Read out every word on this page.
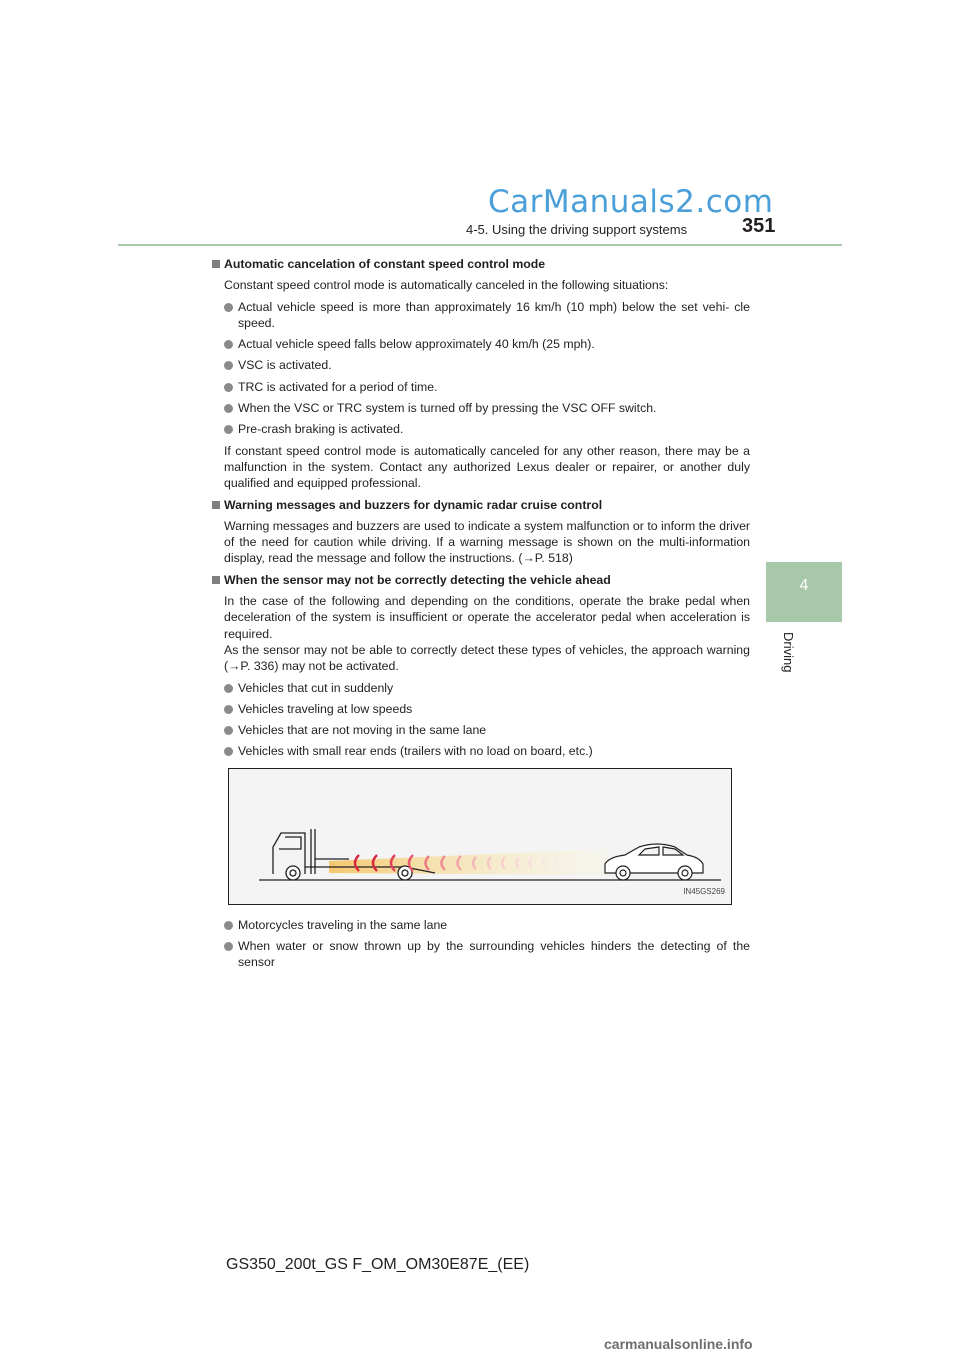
CarManuals2.com
4-5. Using the driving support systems	351
4
Driving
Automatic cancelation of constant speed control mode
Constant speed control mode is automatically canceled in the following situations:
Actual vehicle speed is more than approximately 16 km/h (10 mph) below the set vehi- cle speed.
Actual vehicle speed falls below approximately 40 km/h (25 mph).
VSC is activated.
TRC is activated for a period of time.
When the VSC or TRC system is turned off by pressing the VSC OFF switch.
Pre-crash braking is activated.
If constant speed control mode is automatically canceled for any other reason, there may be a malfunction in the system. Contact any authorized Lexus dealer or repairer, or another duly qualified and equipped professional.
Warning messages and buzzers for dynamic radar cruise control
Warning messages and buzzers are used to indicate a system malfunction or to inform the driver of the need for caution while driving. If a warning message is shown on the multi-information display, read the message and follow the instructions. (→P. 518)
When the sensor may not be correctly detecting the vehicle ahead
In the case of the following and depending on the conditions, operate the brake pedal when deceleration of the system is insufficient or operate the accelerator pedal when acceleration is required.
As the sensor may not be able to correctly detect these types of vehicles, the approach warning (→P. 336) may not be activated.
Vehicles that cut in suddenly
Vehicles traveling at low speeds
Vehicles that are not moving in the same lane
Vehicles with small rear ends (trailers with no load on board, etc.)
IN45GS269
Motorcycles traveling in the same lane
When water or snow thrown up by the surrounding vehicles hinders the detecting of the sensor
GS350_200t_GS F_OM_OM30E87E_(EE)
carmanualsonline.info
